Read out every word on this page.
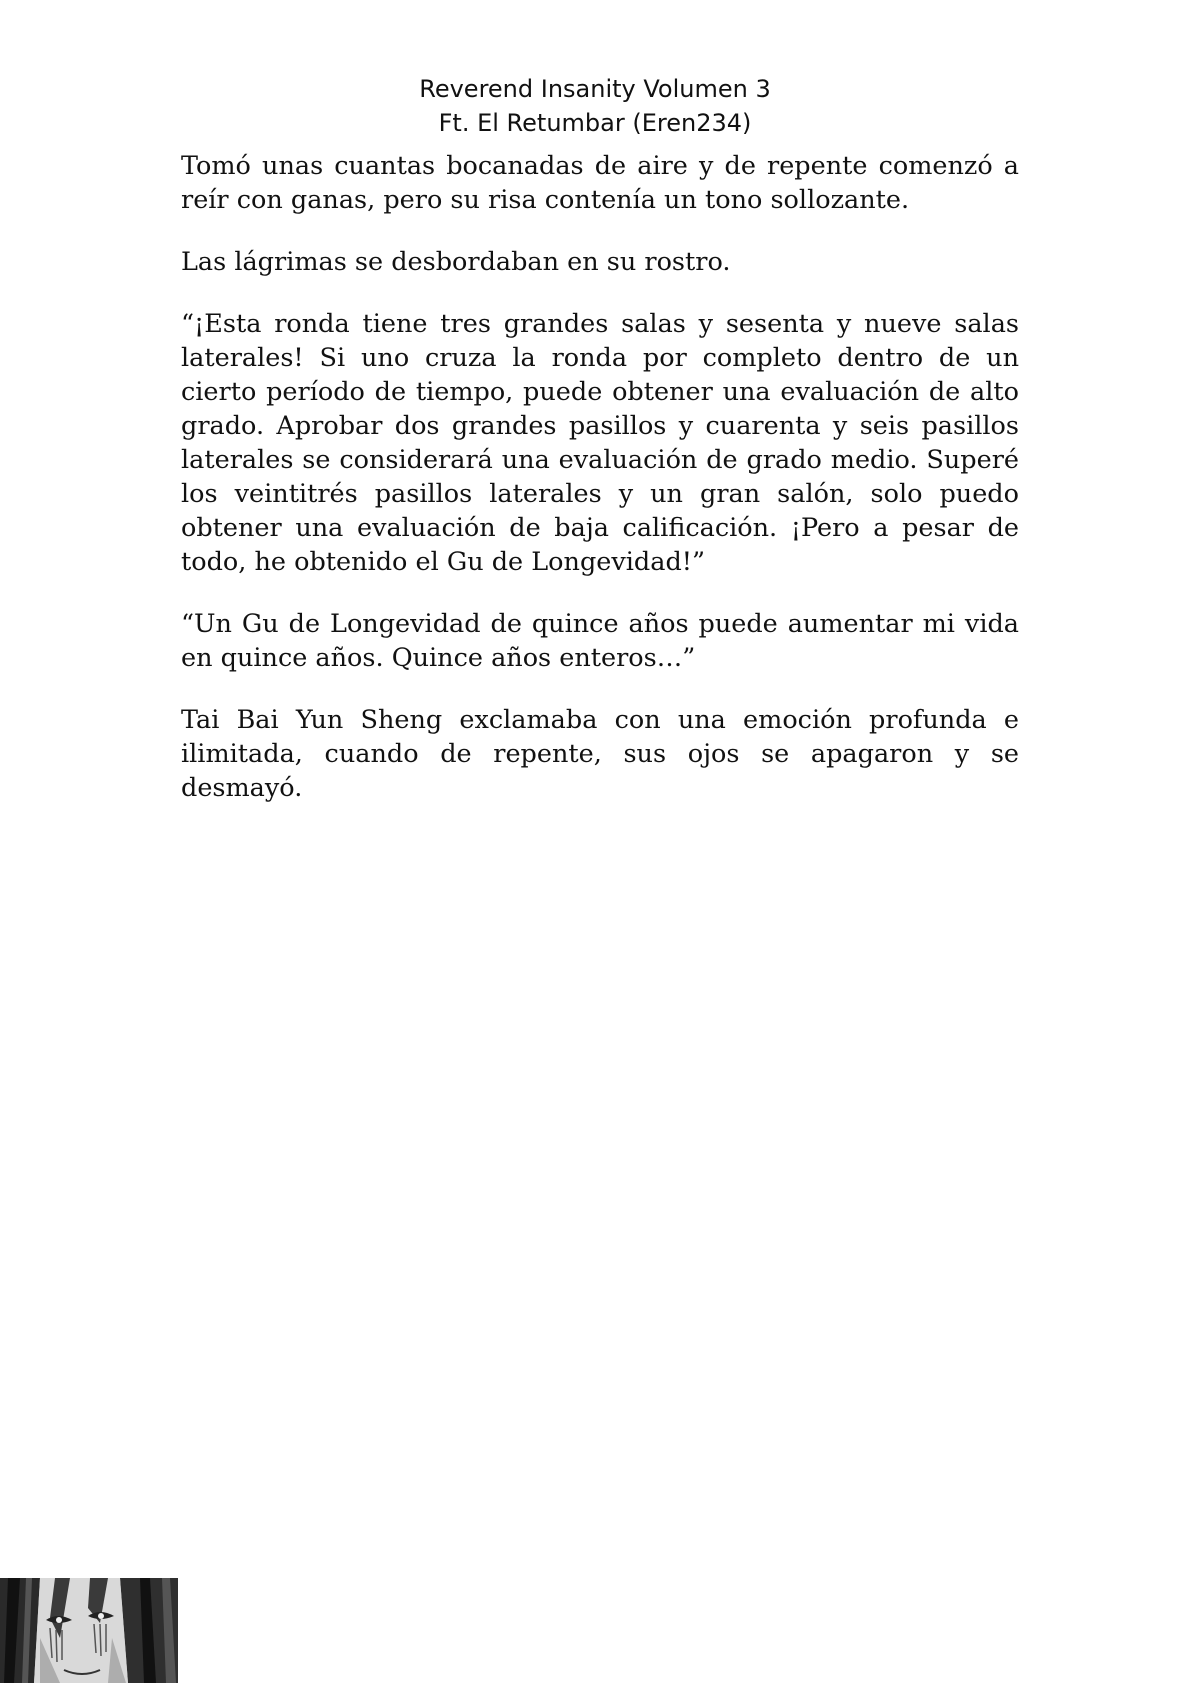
Reverend Insanity Volumen 3
Ft. El Retumbar (Eren234)

Tomó unas cuantas bocanadas de aire y de repente comenzó a reír con ganas, pero su risa contenía un tono sollozante.

Las lágrimas se desbordaban en su rostro.

“¡Esta ronda tiene tres grandes salas y sesenta y nueve salas laterales! Si uno cruza la ronda por completo dentro de un cierto período de tiempo, puede obtener una evaluación de alto grado. Aprobar dos grandes pasillos y cuarenta y seis pasillos laterales se considerará una evaluación de grado medio. Superé los veintitrés pasillos laterales y un gran salón, solo puedo obtener una evaluación de baja calificación. ¡Pero a pesar de todo, he obtenido el Gu de Longevidad!”

“Un Gu de Longevidad de quince años puede aumentar mi vida en quince años. Quince años enteros…”

Tai Bai Yun Sheng exclamaba con una emoción profunda e ilimitada, cuando de repente, sus ojos se apagaron y se desmayó.
